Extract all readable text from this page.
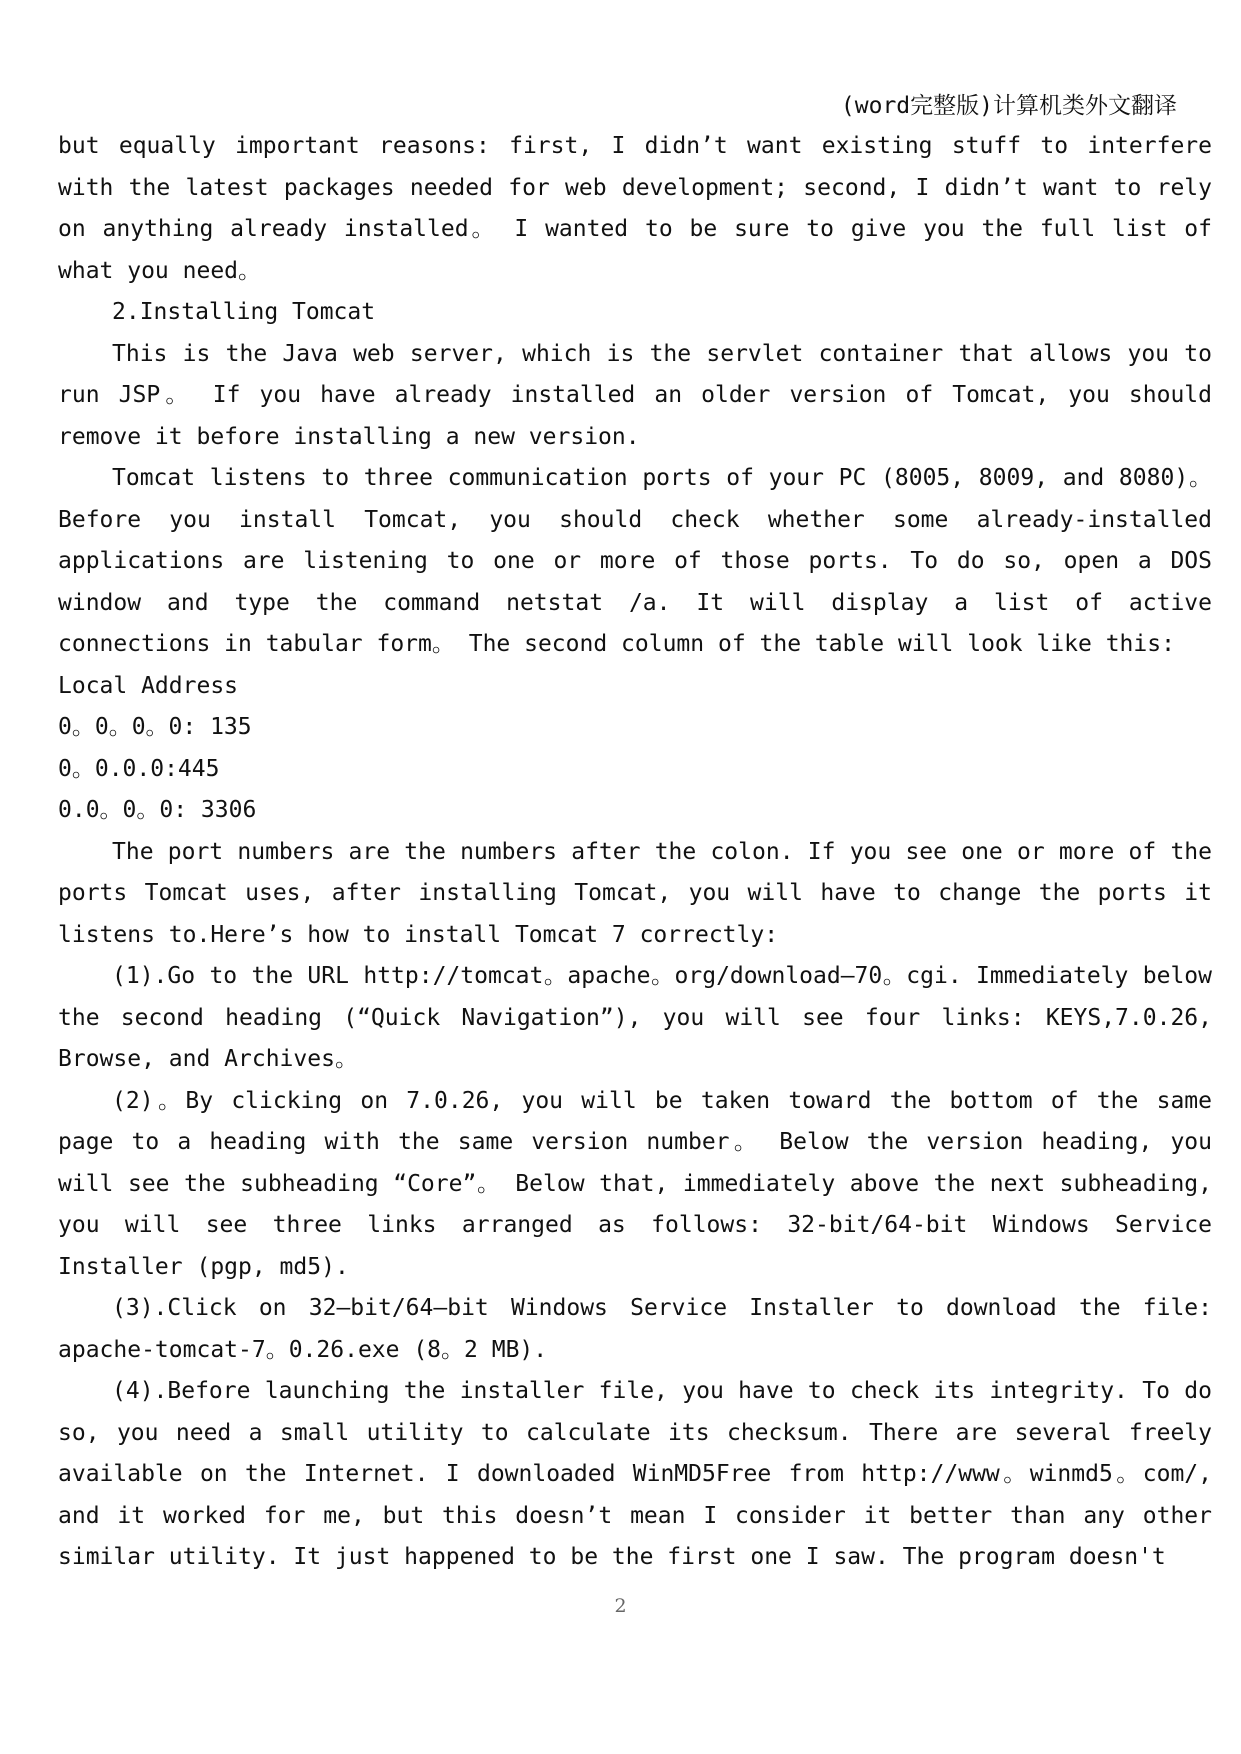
(word完整版)计算机类外文翻译

but equally important reasons: first, I didn’t want existing stuff to interfere with the latest packages needed for web development; second, I didn’t want to rely on anything already installed。 I wanted to be sure to give you the full list of what you need。

2.Installing Tomcat

This is the Java web server, which is the servlet container that allows you to run JSP。 If you have already installed an older version of Tomcat, you should remove it before installing a new version.

Tomcat listens to three communication ports of your PC (8005, 8009, and 8080)。 Before you install Tomcat, you should check whether some already-installed applications are listening to one or more of those ports. To do so, open a DOS window and type the command netstat /a. It will display a list of active connections in tabular form。 The second column of the table will look like this:

Local Address

0。0。0。0: 135

0。0.0.0:445

0.0。0。0: 3306

The port numbers are the numbers after the colon. If you see one or more of the ports Tomcat uses, after installing Tomcat, you will have to change the ports it listens to.Here’s how to install Tomcat 7 correctly:

(1).Go to the URL http://tomcat。apache。org/download—70。cgi. Immediately below the second heading (“Quick Navigation”), you will see four links: KEYS,7.0.26, Browse, and Archives。

(2)。By clicking on 7.0.26, you will be taken toward the bottom of the same page to a heading with the same version number。 Below the version heading, you will see the subheading “Core”。 Below that, immediately above the next subheading, you will see three links arranged as follows: 32-bit/64-bit Windows Service Installer (pgp, md5).

(3).Click on 32—bit/64—bit Windows Service Installer to download the file: apache-tomcat-7。0.26.exe (8。2 MB).

(4).Before launching the installer file, you have to check its integrity. To do so, you need a small utility to calculate its checksum. There are several freely available on the Internet. I downloaded WinMD5Free from http://www。winmd5。com/, and it worked for me, but this doesn’t mean I consider it better than any other similar utility. It just happened to be the first one I saw. The program doesn't

2
